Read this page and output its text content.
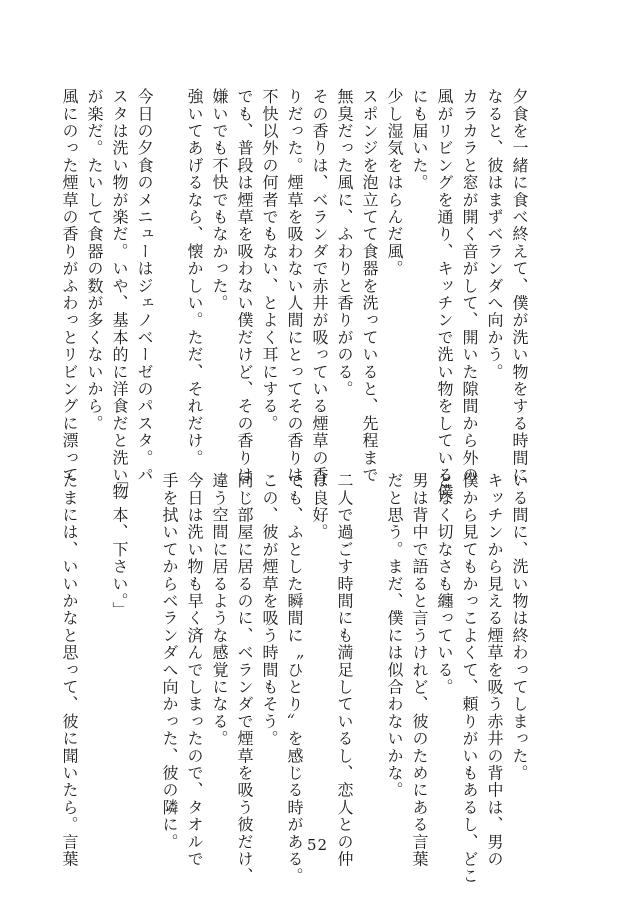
夕食を一緒に食べ終えて、僕が洗い物をする時間に
なると、彼はまずベランダへ向かう。
カラカラと窓が開く音がして、開いた隙間から外の
風がリビングを通り、キッチンで洗い物をしている僕
にも届いた。
少し湿気をはらんだ風。
スポンジを泡立てて食器を洗っていると、先程まで
無臭だった風に、ふわりと香りがのる。
その香りは、ベランダで赤井が吸っている煙草の香
りだった。煙草を吸わない人間にとってその香りは、
不快以外の何者でもない、とよく耳にする。
でも、普段は煙草を吸わない僕だけど、その香りは
嫌いでも不快でもなかった。
強いてあげるなら、懐かしい。ただ、それだけ。
今日の夕食のメニューはジェノベーゼのパスタ。パ
スタは洗い物が楽だ。いや、基本的に洋食だと洗い物
が楽だ。たいして食器の数が多くないから。
風にのった煙草の香りがふわっとリビングに漂って
いる間に、洗い物は終わってしまった。
キッチンから見える煙草を吸う赤井の背中は、男の
僕から見てもかっこよくて、頼りがいもあるし、どこ
となく切なさも纏っている。
男は背中で語ると言うけれど、彼のためにある言葉
だと思う。まだ、僕には似合わないかな。
二人で過ごす時間にも満足しているし、恋人との仲
は良好。
でも、ふとした瞬間に〝ひとり〟を感じる時がある。
この、彼が煙草を吸う時間もそう。
同じ部屋に居るのに、ベランダで煙草を吸う彼だけ、
違う空間に居るような感覚になる。
今日は洗い物も早く済んでしまったので、タオルで
手を拭いてからベランダへ向かった、彼の隣に。
「一本、下さい。」
たまには、いいかなと思って、彼に聞いたら。言葉	52
